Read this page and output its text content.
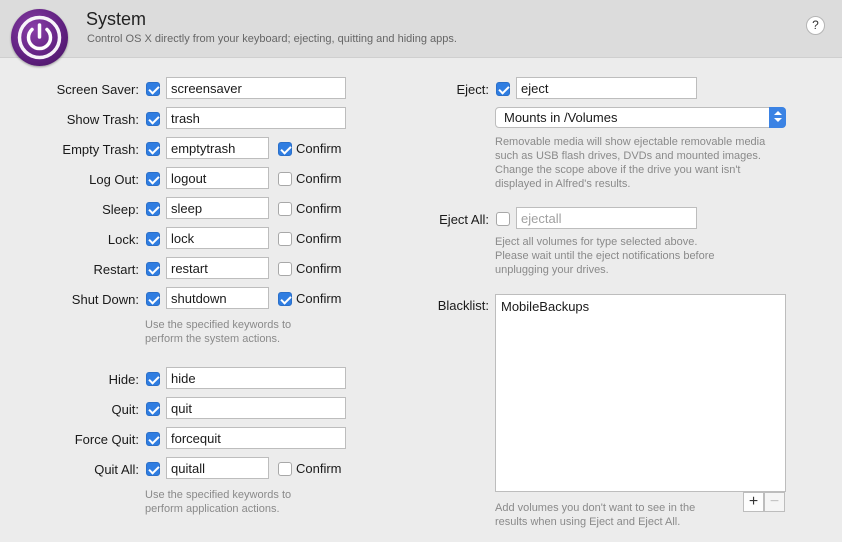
System
Control OS X directly from your keyboard; ejecting, quitting and hiding apps.
?
Screen Saver:	screensaver
Show Trash:	trash
Empty Trash:	emptytrash	Confirm
Log Out:	logout	Confirm
Sleep:	sleep	Confirm
Lock:	lock	Confirm
Restart:	restart	Confirm
Shut Down:	shutdown	Confirm
Use the specified keywords to
perform the system actions.
Hide:	hide
Quit:	quit
Force Quit:	forcequit
Quit All:	quitall	Confirm
Use the specified keywords to
perform application actions.
Eject:	eject
Mounts in /Volumes
Removable media will show ejectable removable media
such as USB flash drives, DVDs and mounted images.
Change the scope above if the drive you want isn't
displayed in Alfred's results.
Eject All:	ejectall
Eject all volumes for type selected above.
Please wait until the eject notifications before
unplugging your drives.
Blacklist: MobileBackups
+ −
Add volumes you don't want to see in the
results when using Eject and Eject All.
